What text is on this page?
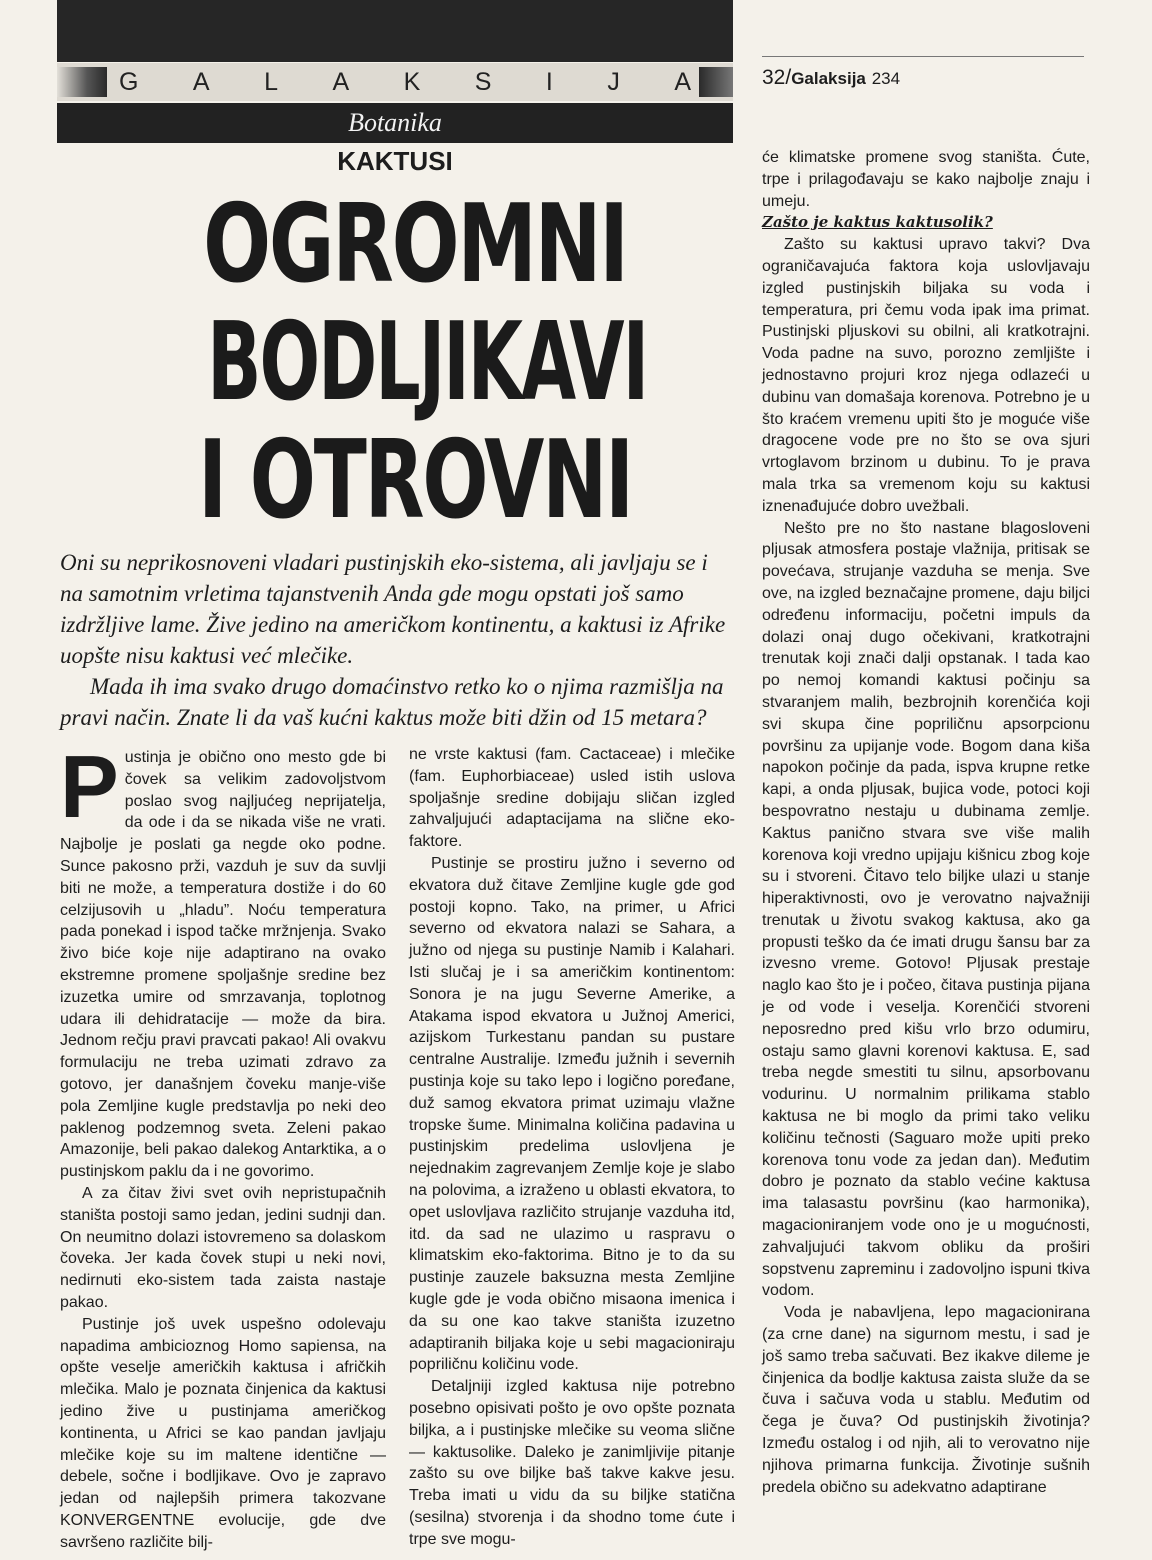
G A L A K S I J A
Botanika
32/Galaksija 234
KAKTUSI
OGROMNI
BODLJIKAVI
I OTROVNI

Oni su neprikosnoveni vladari pustinjskih eko-sistema, ali javljaju se i na samotnim vrletima tajanstvenih Anda gde mogu opstati još samo izdržljive lame. Žive jedino na američkom kontinentu, a kaktusi iz Afrike uopšte nisu kaktusi već mlečike.

Mada ih ima svako drugo domaćinstvo retko ko o njima razmišlja na pravi način. Znate li da vaš kućni kaktus može biti džin od 15 metara?

Pustinja je obično ono mesto gde bi čovek sa velikim zadovoljstvom poslao svog najljućeg neprijatelja, da ode i da se nikada više ne vrati. Najbolje je poslati ga negde oko podne. Sunce pakosno prži, vazduh je suv da suvlji biti ne može, a temperatura dostiže i do 60 celzijusovih u „hladu”. Noću temperatura pada ponekad i ispod tačke mržnjenja. Svako živo biće koje nije adaptirano na ovako ekstremne promene spoljašnje sredine bez izuzetka umire od smrzavanja, toplotnog udara ili dehidratacije — može da bira. Jednom rečju pravi pravcati pakao! Ali ovakvu formulaciju ne treba uzimati zdravo za gotovo, jer današnjem čoveku manje-više pola Zemljine kugle predstavlja po neki deo paklenog podzemnog sveta. Zeleni pakao Amazonije, beli pakao dalekog Antarktika, a o pustinjskom paklu da i ne govorimo.

A za čitav živi svet ovih nepristupačnih staništa postoji samo jedan, jedini sudnji dan. On neumitno dolazi istovremeno sa dolaskom čoveka. Jer kada čovek stupi u neki novi, nedirnuti eko-sistem tada zaista nastaje pakao.

Pustinje još uvek uspešno odolevaju napadima ambicioznog Homo sapiensa, na opšte veselje američkih kaktusa i afričkih mlečika. Malo je poznata činjenica da kaktusi jedino žive u pustinjama američkog kontinenta, u Africi se kao pandan javljaju mlečike koje su im maltene identične — debele, sočne i bodljikave. Ovo je zapravo jedan od najlepših primera takozvane KONVERGENTNE evolucije, gde dve savršeno različite bilj-

ne vrste kaktusi (fam. Cactaceae) i mlečike (fam. Euphorbiaceae) usled istih uslova spoljašnje sredine dobijaju sličan izgled zahvaljujući adaptacijama na slične eko-faktore.

Pustinje se prostiru južno i severno od ekvatora duž čitave Zemljine kugle gde god postoji kopno. Tako, na primer, u Africi severno od ekvatora nalazi se Sahara, a južno od njega su pustinje Namib i Kalahari. Isti slučaj je i sa američkim kontinentom: Sonora je na jugu Severne Amerike, a Atakama ispod ekvatora u Južnoj Americi, azijskom Turkestanu pandan su pustare centralne Australije. Između južnih i severnih pustinja koje su tako lepo i logično poređane, duž samog ekvatora primat uzimaju vlažne tropske šume. Minimalna količina padavina u pustinjskim predelima uslovljena je nejednakim zagrevanjem Zemlje koje je slabo na polovima, a izraženo u oblasti ekvatora, to opet uslovljava različito strujanje vazduha itd, itd. da sad ne ulazimo u raspravu o klimatskim eko-faktorima. Bitno je to da su pustinje zauzele baksuzna mesta Zemljine kugle gde je voda obično misaona imenica i da su one kao takve staništa izuzetno adaptiranih biljaka koje u sebi magacioniraju popriličnu količinu vode.

Detaljniji izgled kaktusa nije potrebno posebno opisivati pošto je ovo opšte poznata biljka, a i pustinjske mlečike su veoma slične — kaktusolike. Daleko je zanimljivije pitanje zašto su ove biljke baš takve kakve jesu. Treba imati u vidu da su biljke statična (sesilna) stvorenja i da shodno tome ćute i trpe sve mogu-

će klimatske promene svog staništa. Ćute, trpe i prilagođavaju se kako najbolje znaju i umeju.

Zašto je kaktus kaktusolik?

Zašto su kaktusi upravo takvi? Dva ograničavajuća faktora koja uslovljavaju izgled pustinjskih biljaka su voda i temperatura, pri čemu voda ipak ima primat. Pustinjski pljuskovi su obilni, ali kratkotrajni. Voda padne na suvo, porozno zemljište i jednostavno projuri kroz njega odlazeći u dubinu van domašaja korenova. Potrebno je u što kraćem vremenu upiti što je moguće više dragocene vode pre no što se ova sjuri vrtoglavom brzinom u dubinu. To je prava mala trka sa vremenom koju su kaktusi iznenađujuće dobro uvežbali.

Nešto pre no što nastane blagosloveni pljusak atmosfera postaje vlažnija, pritisak se povećava, strujanje vazduha se menja. Sve ove, na izgled beznačajne promene, daju biljci određenu informaciju, početni impuls da dolazi onaj dugo očekivani, kratkotrajni trenutak koji znači dalji opstanak. I tada kao po nemoj komandi kaktusi počinju sa stvaranjem malih, bezbrojnih korenčića koji svi skupa čine popriličnu apsorpcionu površinu za upijanje vode. Bogom dana kiša napokon počinje da pada, ispva krupne retke kapi, a onda pljusak, bujica vode, potoci koji bespovratno nestaju u dubinama zemlje. Kaktus panično stvara sve više malih korenova koji vredno upijaju kišnicu zbog koje su i stvoreni. Čitavo telo biljke ulazi u stanje hiperaktivnosti, ovo je verovatno najvažniji trenutak u životu svakog kaktusa, ako ga propusti teško da će imati drugu šansu bar za izvesno vreme. Gotovo! Pljusak prestaje naglo kao što je i počeo, čitava pustinja pijana je od vode i veselja. Korenčići stvoreni neposredno pred kišu vrlo brzo odumiru, ostaju samo glavni korenovi kaktusa. E, sad treba negde smestiti tu silnu, apsorbovanu vodurinu. U normalnim prilikama stablo kaktusa ne bi moglo da primi tako veliku količinu tečnosti (Saguaro može upiti preko korenova tonu vode za jedan dan). Međutim dobro je poznato da stablo većine kaktusa ima talasastu površinu (kao harmonika), magacioniranjem vode ono je u mogućnosti, zahvaljujući takvom obliku da proširi sopstvenu zapreminu i zadovoljno ispuni tkiva vodom.

Voda je nabavljena, lepo magacionirana (za crne dane) na sigurnom mestu, i sad je još samo treba sačuvati. Bez ikakve dileme je činjenica da bodlje kaktusa zaista služe da se čuva i sačuva voda u stablu. Međutim od čega je čuva? Od pustinjskih životinja? Između ostalog i od njih, ali to verovatno nije njihova primarna funkcija. Životinje sušnih predela obično su adekvatno adaptirane
